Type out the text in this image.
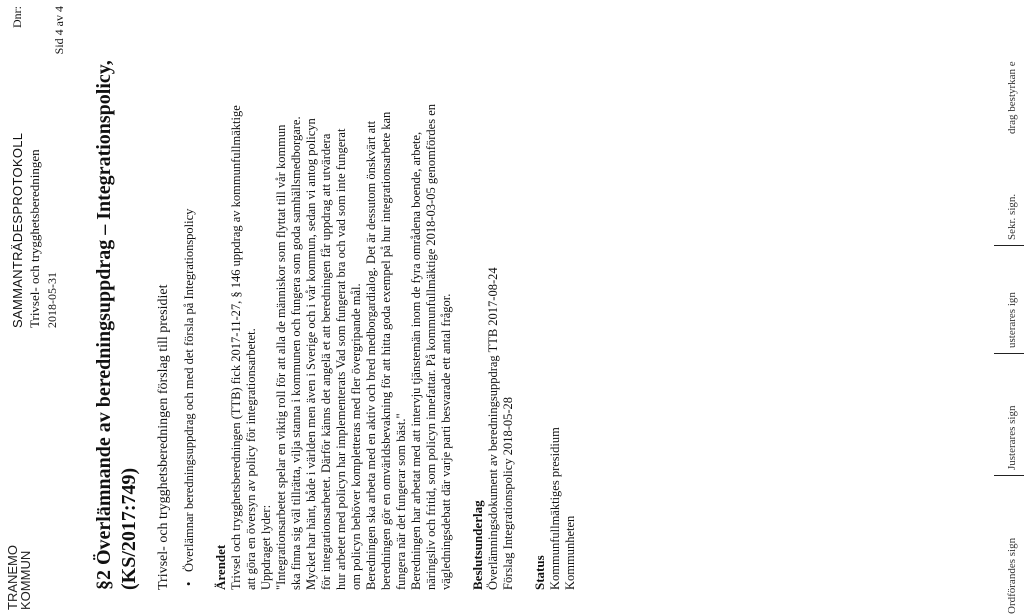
TRANEMO
KOMMUN
SAMMANTRÄDESPROTOKOLL Trivsel- och trygghetsberedningen 2018-05-31
Dnr: Sid 4 av 4
§2 Överlämnande av beredningsuppdrag – Integrationspolicy, (KS/2017:749) Trivsel- och trygghetsberedningen förslag till presidiet •
Överlämnar beredningsuppdrag och med det försla på Integrationspolicy Ärendet Trivsel och trygghetsberedningen (TTB) fick 2017-11-27, § 146 uppdrag av kommunfullmäktige att göra en översyn av policy för integrationsarbetet. Uppdraget lyder: "Integrationsarbetet spelar en viktig roll för att alla de människor som flyttat till vår kommun ska finna sig väl tillrätta, vilja stanna i kommunen och fungera som goda samhällsmedborgare. Mycket har hänt, både i världen men även i Sverige och i vår kommun, sedan vi antog policyn för integrationsarbetet. Därför känns det angelä et att beredningen får uppdrag att utvärdera hur arbetet med policyn har implementerats Vad som fungerat bra och vad som inte fungerat om policyn behöver kompletteras med fler övergripande mål. Beredningen ska arbeta med en aktiv och bred medborgardialog. Det är dessutom önskvärt att beredningen gör en omvärldsbevakning för att hitta goda exempel på hur integrationsarbete kan fungera när det fungerar som bäst." Beredningen har arbetat med att intervju tjänstemän inom de fyra områdena boende, arbete, näringsliv och fritid, som policyn innefattar. På kommunfullmäktige 2018-03-05 genomfördes en vägledningsdebatt där varje parti besvarade ett antal frågor. Beslutsunderlag Överlämningsdokument av beredningsuppdrag TTB 2017-08-24 Förslag Integrationspolicy 2018-05-28 Status Kommunfullmäktiges presidium Kommunheten	Ordförandes sign
Justerares sign
usterares ign
Sekr. sign.
drag bestyrkan e
